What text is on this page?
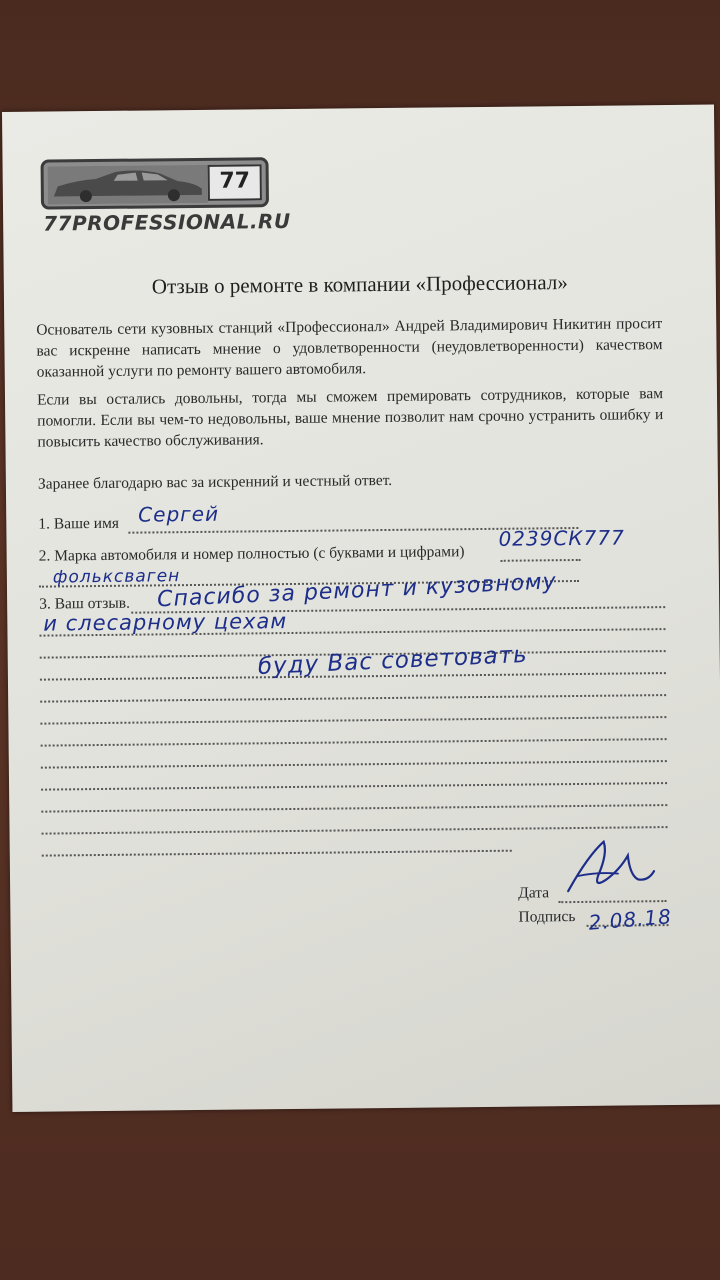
77
77PROFESSIONAL.RU
Отзыв о ремонте в компании «Профессионал»
Основатель сети кузовных станций «Профессионал» Андрей Владимирович Никитин просит вас искренне написать мнение о удовлетворенности (неудовлетворенности) качеством оказанной услуги по ремонту вашего автомобиля.
Если вы остались довольны, тогда мы сможем премировать сотрудников, которые вам помогли. Если вы чем-то недовольны, ваше мнение позволит нам срочно устранить ошибку и повысить качество обслуживания.
Заранее благодарю вас за искренний и честный ответ.
1. Ваше имя Сергей
2. Марка автомобиля и номер полностью (с буквами и цифрами)
0239СК777
фольксваген
3. Ваш отзыв. Спасибо за ремонт и кузовному
и слесарному цехам
буду Вас советовать
Дата
Подпись 2.08.18
